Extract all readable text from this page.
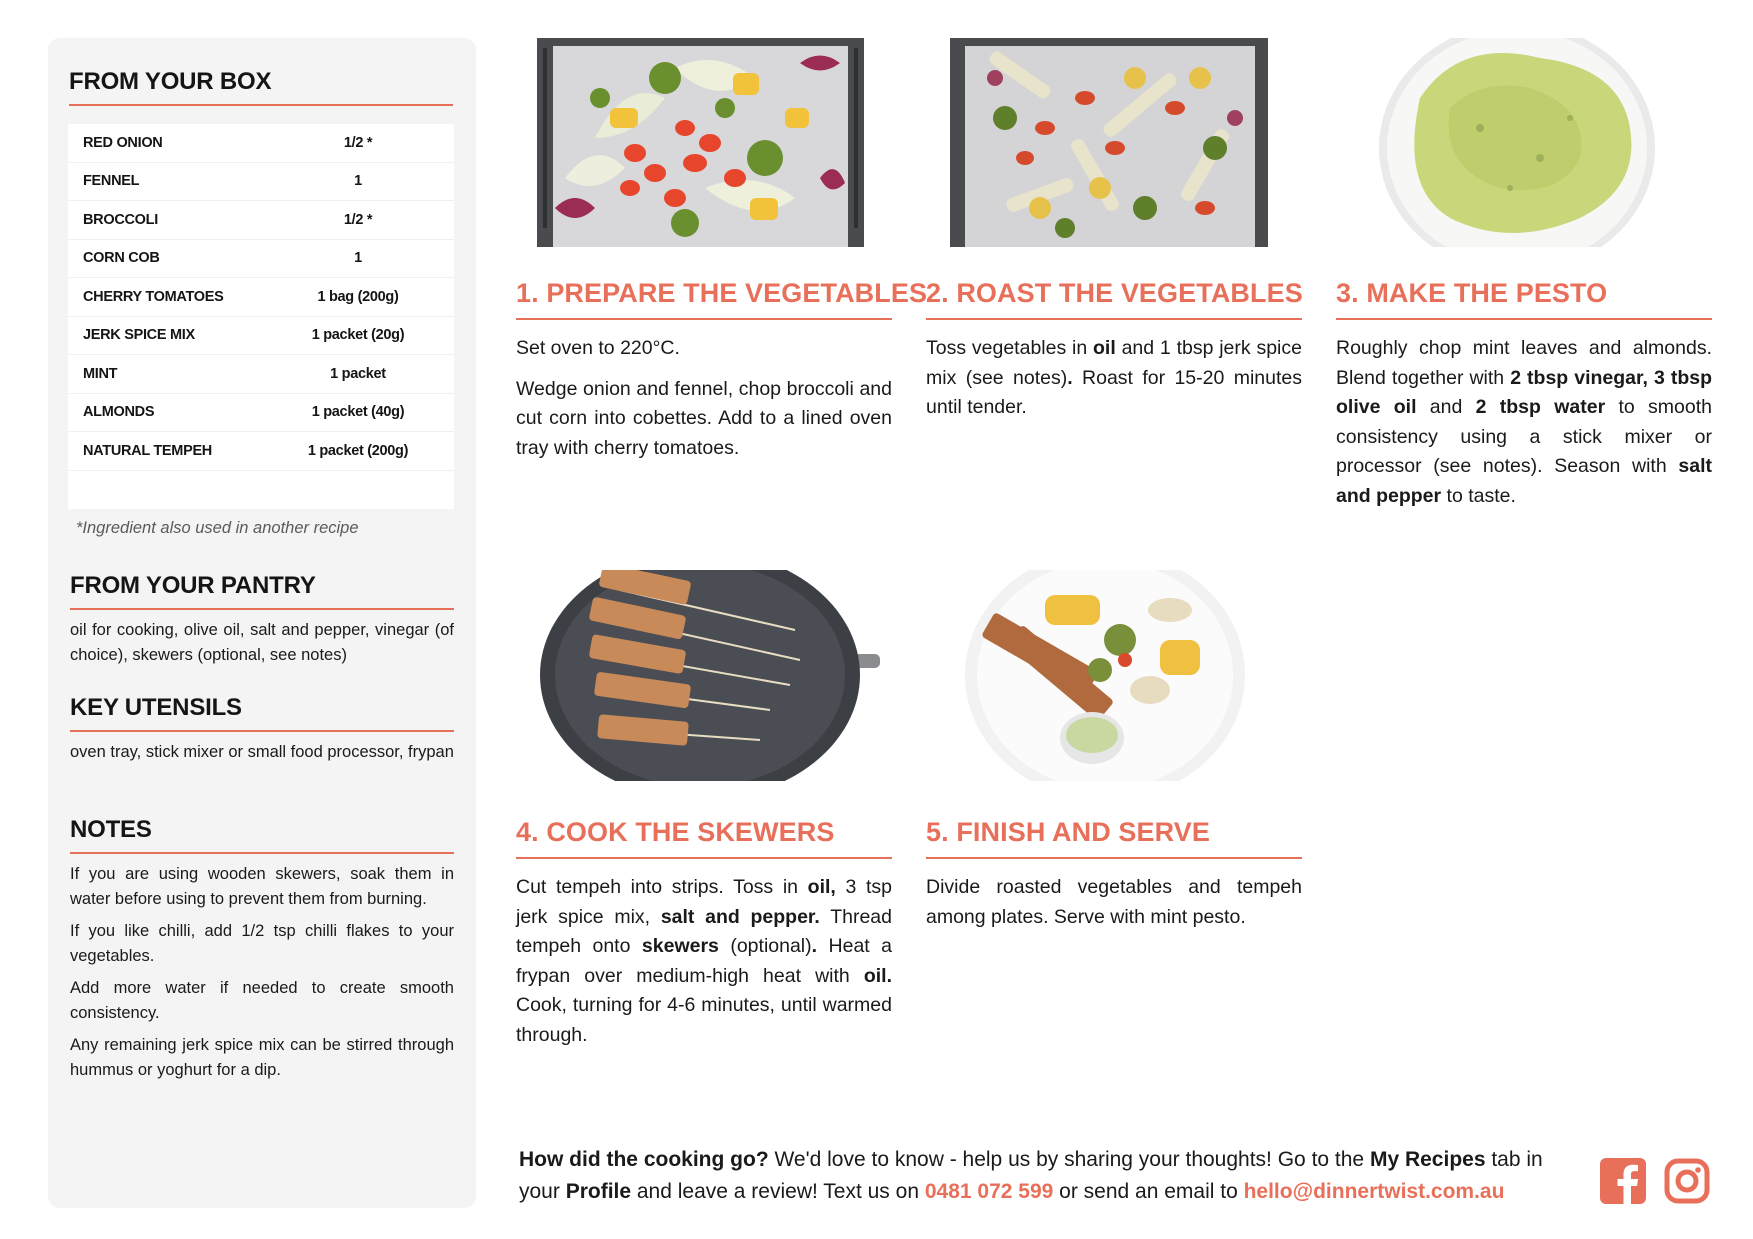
FROM YOUR BOX
RED ONION	1/2 *
FENNEL	1
BROCCOLI	1/2 *
CORN COB	1
CHERRY TOMATOES	1 bag (200g)
JERK SPICE MIX	1 packet (20g)
MINT	1 packet
ALMONDS	1 packet (40g)
NATURAL TEMPEH	1 packet (200g)
*Ingredient also used in another recipe
FROM YOUR PANTRY
oil for cooking, olive oil, salt and pepper, vinegar (of choice), skewers (optional, see notes)
KEY UTENSILS
oven tray, stick mixer or small food processor, frypan
NOTES
If you are using wooden skewers, soak them in water before using to prevent them from burning.
If you like chilli, add 1/2 tsp chilli flakes to your vegetables.
Add more water if needed to create smooth consistency.
Any remaining jerk spice mix can be stirred through hummus or yoghurt for a dip.
1. PREPARE THE VEGETABLES

Set oven to 220°C.

Wedge onion and fennel, chop broccoli and cut corn into cobettes. Add to a lined oven tray with cherry tomatoes.

2. ROAST THE VEGETABLES

Toss vegetables in oil and 1 tbsp jerk spice mix (see notes). Roast for 15-20 minutes until tender.

3. MAKE THE PESTO

Roughly chop mint leaves and almonds. Blend together with 2 tbsp vinegar, 3 tbsp olive oil and 2 tbsp water to smooth consistency using a stick mixer or processor (see notes). Season with salt and pepper to taste.

4. COOK THE SKEWERS

Cut tempeh into strips. Toss in oil, 3 tsp jerk spice mix, salt and pepper. Thread tempeh onto skewers (optional). Heat a frypan over medium-high heat with oil. Cook, turning for 4-6 minutes, until warmed through.

5. FINISH AND SERVE

Divide roasted vegetables and tempeh among plates. Serve with mint pesto.

How did the cooking go? We'd love to know - help us by sharing your thoughts! Go to the My Recipes tab in your Profile and leave a review! Text us on 0481 072 599 or send an email to hello@dinnertwist.com.au
